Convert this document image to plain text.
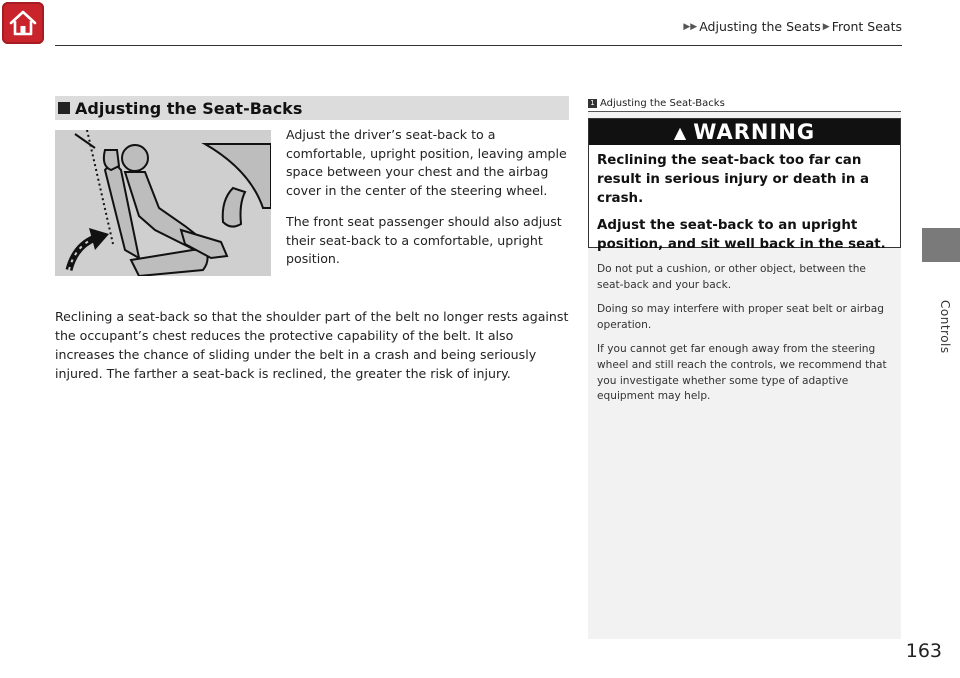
▶▶ Adjusting the Seats ▶ Front Seats
Controls
Adjusting the Seat-Backs

Adjust the driver’s seat-back to a comfortable, upright position, leaving ample space between your chest and the airbag cover in the center of the steering wheel.

The front seat passenger should also adjust their seat-back to a comfortable, upright position.

Reclining a seat-back so that the shoulder part of the belt no longer rests against the occupant’s chest reduces the protective capability of the belt. It also increases the chance of sliding under the belt in a crash and being seriously injured. The farther a seat-back is reclined, the greater the risk of injury.

1 Adjusting the Seat-Backs
▲ WARNING

Reclining the seat-back too far can result in serious injury or death in a crash.

Adjust the seat-back to an upright position, and sit well back in the seat.

Do not put a cushion, or other object, between the seat-back and your back.

Doing so may interfere with proper seat belt or airbag operation.

If you cannot get far enough away from the steering wheel and still reach the controls, we recommend that you investigate whether some type of adaptive equipment may help.

163
